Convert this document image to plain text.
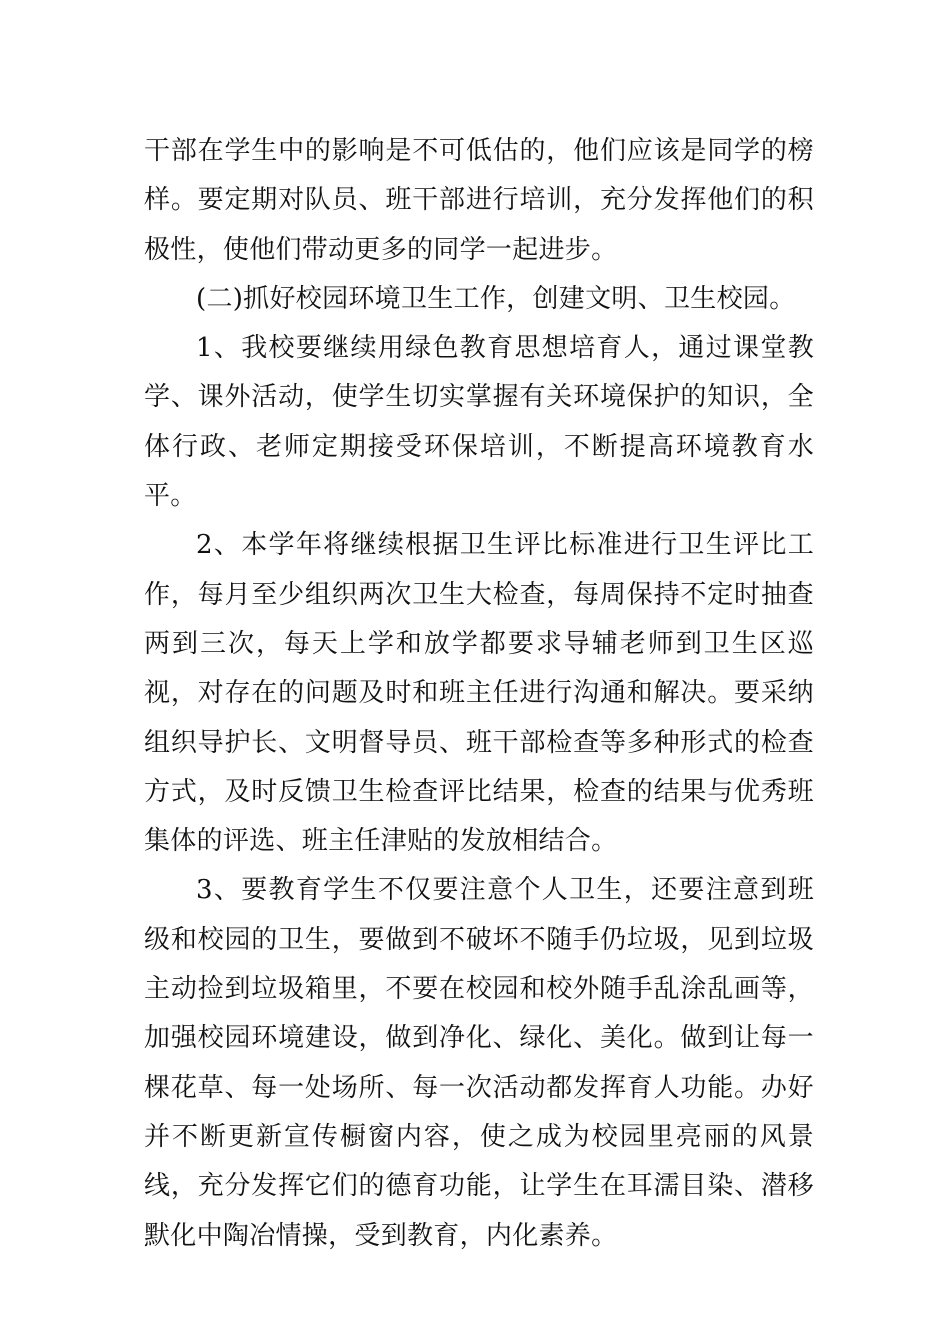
干部在学生中的影响是不可低估的，他们应该是同学的榜样。要定期对队员、班干部进行培训，充分发挥他们的积极性，使他们带动更多的同学一起进步。

(二)抓好校园环境卫生工作，创建文明、卫生校园。

1、我校要继续用绿色教育思想培育人，通过课堂教学、课外活动，使学生切实掌握有关环境保护的知识，全体行政、老师定期接受环保培训，不断提高环境教育水平。

2、本学年将继续根据卫生评比标准进行卫生评比工作，每月至少组织两次卫生大检查，每周保持不定时抽查两到三次，每天上学和放学都要求导辅老师到卫生区巡视，对存在的问题及时和班主任进行沟通和解决。要采纳组织导护长、文明督导员、班干部检查等多种形式的检查方式，及时反馈卫生检查评比结果，检查的结果与优秀班集体的评选、班主任津贴的发放相结合。

3、要教育学生不仅要注意个人卫生，还要注意到班级和校园的卫生，要做到不破坏不随手仍垃圾，见到垃圾主动捡到垃圾箱里，不要在校园和校外随手乱涂乱画等，加强校园环境建设，做到净化、绿化、美化。做到让每一棵花草、每一处场所、每一次活动都发挥育人功能。办好并不断更新宣传橱窗内容，使之成为校园里亮丽的风景线，充分发挥它们的德育功能，让学生在耳濡目染、潜移默化中陶冶情操，受到教育，内化素养。
